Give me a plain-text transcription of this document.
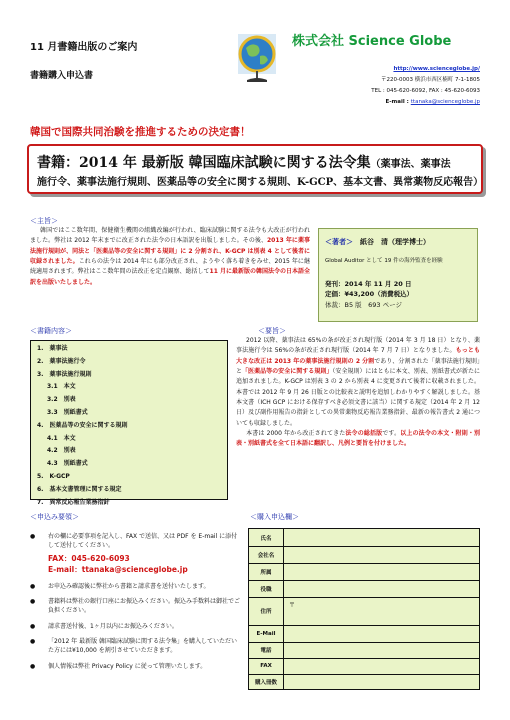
11 月書籍出版のご案内
書籍購入申込書
株式会社 Science Globe
http://www.scienceglobe.jp/
〒220-0003 横浜市西区楠町 7-1-1805
TEL : 045-620-6092, FAX : 45-620-6093
E-mail : ttanaka@scienceglobe.jp
韓国で国際共同治験を推進するための決定書！
書籍：2014 年 最新版 韓国臨床試験に関する法令集（薬事法、薬事法
施行令、薬事法施行規則、医薬品等の安全に関する規則、K-GCP、基本文書、異常薬物反応報告）
＜主旨＞
韓国ではここ数年間、保健衛生機関の組織改編が行われ、臨床試験に関する法令も大改正が行われました。弊社は 2012 年末までに改正された法令の日本語訳を出版しました。その後、2013 年に薬事法施行規則が、同法と「医薬品等の安全に関する規則」に 2 分割され、K-GCP は別表 4 として後者に収録されました。これらの法令は 2014 年にも部分改正され、ようやく落ち着きをみせ、2015 年に継続適用されます。弊社はここ数年間の法改正を定点観察、総括して11 月に最新版の韓国法令の日本語全訳を出版いたしました。
＜著者＞　 紙谷　清（理学博士）
Global Auditor として 19 件の海外監査を経験
発刊：2014 年 11 月 20 日
定価：¥43,200（消費税込）
体裁：B5 版　693 ページ
＜書籍内容＞
1.　薬事法
2.　薬事法施行令
3.　薬事法施行規則
3.1　本文
3.2　別表
3.3　別紙書式
4.　医薬品等の安全に関する規則
4.1　本文
4.2　別表
4.3　別紙書式
5.　K-GCP
6.　基本文書管理に関する規定
7.　異常反応報告業務指針
＜要旨＞
2012 以降、薬事法は 65%の条が改正され現行版（2014 年 3 月 18 日）となり、薬事法施行令は 56%の条が改正され現行版（2014 年 7 月 7 日）となりました。もっとも大きな改正は 2013 年の薬事法施行規則の 2 分割であり、分割された「薬事法施行規則」と「医薬品等の安全に関する規則」（安全規則）にはともに本文、別表、別紙書式が新たに追加されました。K-GCP は別表 3 の 2 から別表 4 に変更されて後者に収載されました。本書では 2012 年 9 月 26 日版との比較表と説明を追加しわかりやすく解説しました。基本文書（ICH GCP における保存すべき必須文書に該当）に関する規定（2014 年 2 月 12 日）及び副作用報告の指針としての異常薬物反応報告業務指針、最新の報告書式 2 通についても収録しました。
本書は 2000 年から改正されてきた法令の総括版です。以上の法令の本文・附則・別表・別紙書式を全て日本語に翻訳し、凡例と要旨を付けました。
＜申込み要領＞
● 右の欄に必要事項を記入し、FAX で送信、又は PDF を E-mail に添付して送付してください。
FAX：045-620-6093
E-mail：ttanaka@scienceglobe.jp
● お申込み確認後に弊社から書籍と請求書を送付いたします。
● 書籍料は弊社の銀行口座にお振込みください。振込み手数料は御社でご負担ください。
● 請求書送付後、1ヶ月以内にお振込みください。
● 「2012 年 最新版 韓国臨床試験に関する法令集」を購入していただいた方には¥10,000 を割引させていただきます。
● 個人情報は弊社 Privacy Policy に従って管理いたします。
＜購入申込欄＞
氏名
会社名
所属
役職
住所
〒
E-Mail
電話
FAX
購入冊数
